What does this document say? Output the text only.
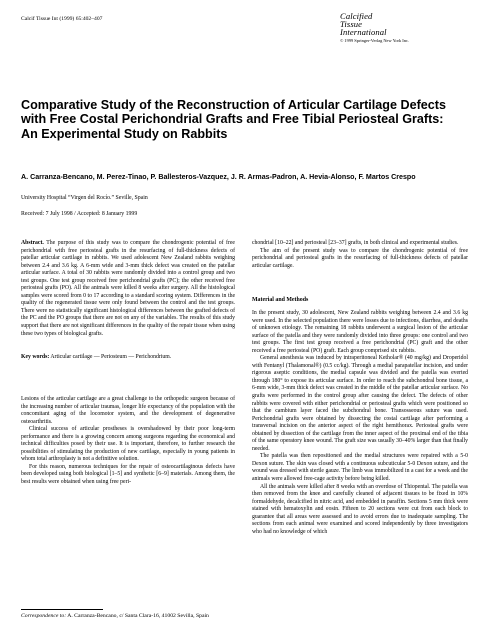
Calcif Tissue Int (1999) 65:402–407	Calcified
Tissue
International
© 1999 Springer-Verlag New York Inc.
Comparative Study of the Reconstruction of Articular Cartilage Defects with Free Costal Perichondrial Grafts and Free Tibial Periosteal Grafts: An Experimental Study on Rabbits
A. Carranza-Bencano, M. Perez-Tinao, P. Ballesteros-Vazquez, J. R. Armas-Padron, A. Hevia-Alonso, F. Martos Crespo
University Hospital “Virgen del Rocío.” Seville, Spain
Received: 7 July 1998 / Accepted: 8 January 1999

Abstract. The purpose of this study was to compare the chondrogenic potential of free perichondrial with free periosteal grafts in the resurfacing of full-thickness defects of patellar articular cartilage in rabbits. We used adolescent New Zealand rabbits weighing between 2.4 and 3.6 kg. A 6-mm wide and 3-mm thick defect was created on the patellar articular surface. A total of 30 rabbits were randomly divided into a control group and two test groups. One test group received free perichondrial grafts (PC); the other received free periosteal grafts (PO). All the animals were killed 8 weeks after surgery. All the histological samples were scored from 0 to 17 according to a standard scoring system. Differences in the quality of the regenerated tissue were only found between the control and the test groups. There were no statistically significant histological differences between the grafted defects of the PC and the PO groups that there are not on any of the variables. The results of this study support that there are not significant differences in the quality of the repair tissue when using these two types of biological grafts.

Key words: Articular cartilage — Periosteum — Perichondrium.

Lesions of the articular cartilage are a great challenge to the orthopedic surgeon because of the increasing number of articular traumas, longer life expectancy of the population with the concomitant aging of the locomotor system, and the development of degenerative osteoarthritis.

Clinical success of articular prostheses is overshadowed by their poor long-term performance and there is a growing concern among surgeons regarding the economical and technical difficulties posed by their use. It is important, therefore, to further research the possibilities of stimulating the production of new cartilage, especially in young patients in whom total arthroplasty is not a definitive solution.

For this reason, numerous techniques for the repair of osteocartilaginous defects have been developed using both biological [1–5] and synthetic [6–9] materials. Among them, the best results were obtained when using free peri-

Correspondence to: A. Carranza-Bencano, c/ Santa Clara-16, 41002 Sevilla, Spain

chondrial [10–22] and periosteal [23–37] grafts, in both clinical and experimental studies.

The aim of the present study was to compare the chondrogenic potential of free perichondrial and periosteal grafts in the resurfacing of full-thickness defects of patellar articular cartilage.

Material and Methods

In the present study, 30 adolescent, New Zealand rabbits weighing between 2.4 and 3.6 kg were used. In the selected population there were losses due to infections, diarrhea, and deaths of unknown etiology. The remaining 18 rabbits underwent a surgical lesion of the articular surface of the patella and they were randomly divided into three groups: one control and two test groups. The first test group received a free perichondrial (PC) graft and the other received a free periosteal (PO) graft. Each group comprised six rabbits.

General anesthesia was induced by intraperitoneal Ketholar® (40 mg/kg) and Droperidol with Fentanyl (Thalamonal®) (0.5 cc/kg). Through a medial parapatellar incision, and under rigorous aseptic conditions, the medial capsule was divided and the patella was everted through 180° to expose its articular surface. In order to reach the subchondral bone tissue, a 6-mm wide, 3-mm thick defect was created in the middle of the patellar articular surface. No grafts were performed in the control group after causing the defect. The defects of other rabbits were covered with either perichondrial or periosteal grafts which were positioned so that the cambium layer faced the subchondral bone. Transosseous suture was used. Perichondrial grafts were obtained by dissecting the costal cartilage after performing a transversal incision on the anterior aspect of the right hemithorax. Periosteal grafts were obtained by dissection of the cartilage from the inner aspect of the proximal end of the tibia of the same operatory knee wound. The graft size was usually 30–40% larger than that finally needed.

The patella was then repositioned and the medial structures were repaired with a 5-0 Dexon suture. The skin was closed with a continuous subcuticular 5-0 Dexon suture, and the wound was dressed with sterile gauze. The limb was immobilized in a cast for a week and the animals were allowed free-cage activity before being killed.

All the animals were killed after 8 weeks with an overdose of Thiopental. The patella was then removed from the knee and carefully cleaned of adjacent tissues to be fixed in 10% formaldehyde, decalcified in nitric acid, and embedded in paraffin. Sections 5 mm thick were stained with hematoxylin and eosin. Fifteen to 20 sections were cut from each block to guarantee that all areas were assessed and to avoid errors due to inadequate sampling. The sections from each animal were examined and scored independently by three investigators who had no knowledge of which
